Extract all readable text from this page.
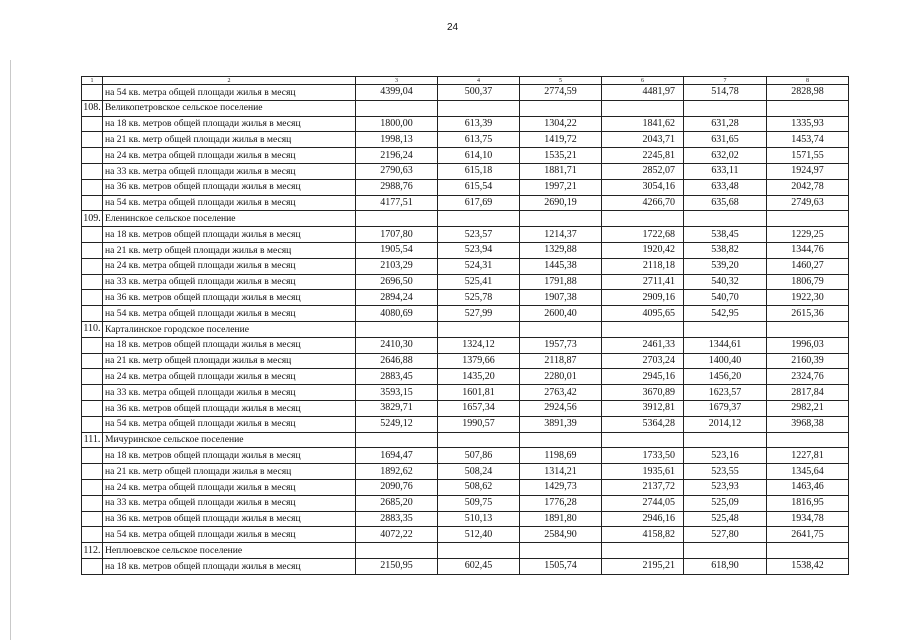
24
1	2	3	4	5	6	7	8
	на 54 кв. метра общей площади жилья в месяц	4399,04	500,37	2774,59	4481,97	514,78	2828,98
108.	Великопетровское сельское поселение						
	на 18 кв. метров общей площади жилья в месяц	1800,00	613,39	1304,22	1841,62	631,28	1335,93
	на 21 кв. метр общей площади жилья в месяц	1998,13	613,75	1419,72	2043,71	631,65	1453,74
	на 24 кв. метра общей площади жилья в месяц	2196,24	614,10	1535,21	2245,81	632,02	1571,55
	на 33 кв. метра общей площади жилья в месяц	2790,63	615,18	1881,71	2852,07	633,11	1924,97
	на 36 кв. метров общей площади жилья в месяц	2988,76	615,54	1997,21	3054,16	633,48	2042,78
	на 54 кв. метра общей площади жилья в месяц	4177,51	617,69	2690,19	4266,70	635,68	2749,63
109.	Еленинское сельское поселение						
	на 18 кв. метров общей площади жилья в месяц	1707,80	523,57	1214,37	1722,68	538,45	1229,25
	на 21 кв. метр общей площади жилья в месяц	1905,54	523,94	1329,88	1920,42	538,82	1344,76
	на 24 кв. метра общей площади жилья в месяц	2103,29	524,31	1445,38	2118,18	539,20	1460,27
	на 33 кв. метра общей площади жилья в месяц	2696,50	525,41	1791,88	2711,41	540,32	1806,79
	на 36 кв. метров общей площади жилья в месяц	2894,24	525,78	1907,38	2909,16	540,70	1922,30
	на 54 кв. метра общей площади жилья в месяц	4080,69	527,99	2600,40	4095,65	542,95	2615,36
110.	Карталинское городское поселение						
	на 18 кв. метров общей площади жилья в месяц	2410,30	1324,12	1957,73	2461,33	1344,61	1996,03
	на 21 кв. метр общей площади жилья в месяц	2646,88	1379,66	2118,87	2703,24	1400,40	2160,39
	на 24 кв. метра общей площади жилья в месяц	2883,45	1435,20	2280,01	2945,16	1456,20	2324,76
	на 33 кв. метра общей площади жилья в месяц	3593,15	1601,81	2763,42	3670,89	1623,57	2817,84
	на 36 кв. метров общей площади жилья в месяц	3829,71	1657,34	2924,56	3912,81	1679,37	2982,21
	на 54 кв. метра общей площади жилья в месяц	5249,12	1990,57	3891,39	5364,28	2014,12	3968,38
111.	Мичуринское сельское поселение						
	на 18 кв. метров общей площади жилья в месяц	1694,47	507,86	1198,69	1733,50	523,16	1227,81
	на 21 кв. метр общей площади жилья в месяц	1892,62	508,24	1314,21	1935,61	523,55	1345,64
	на 24 кв. метра общей площади жилья в месяц	2090,76	508,62	1429,73	2137,72	523,93	1463,46
	на 33 кв. метра общей площади жилья в месяц	2685,20	509,75	1776,28	2744,05	525,09	1816,95
	на 36 кв. метров общей площади жилья в месяц	2883,35	510,13	1891,80	2946,16	525,48	1934,78
	на 54 кв. метра общей площади жилья в месяц	4072,22	512,40	2584,90	4158,82	527,80	2641,75
112.	Неплюевское сельское поселение						
	на 18 кв. метров общей площади жилья в месяц	2150,95	602,45	1505,74	2195,21	618,90	1538,42
